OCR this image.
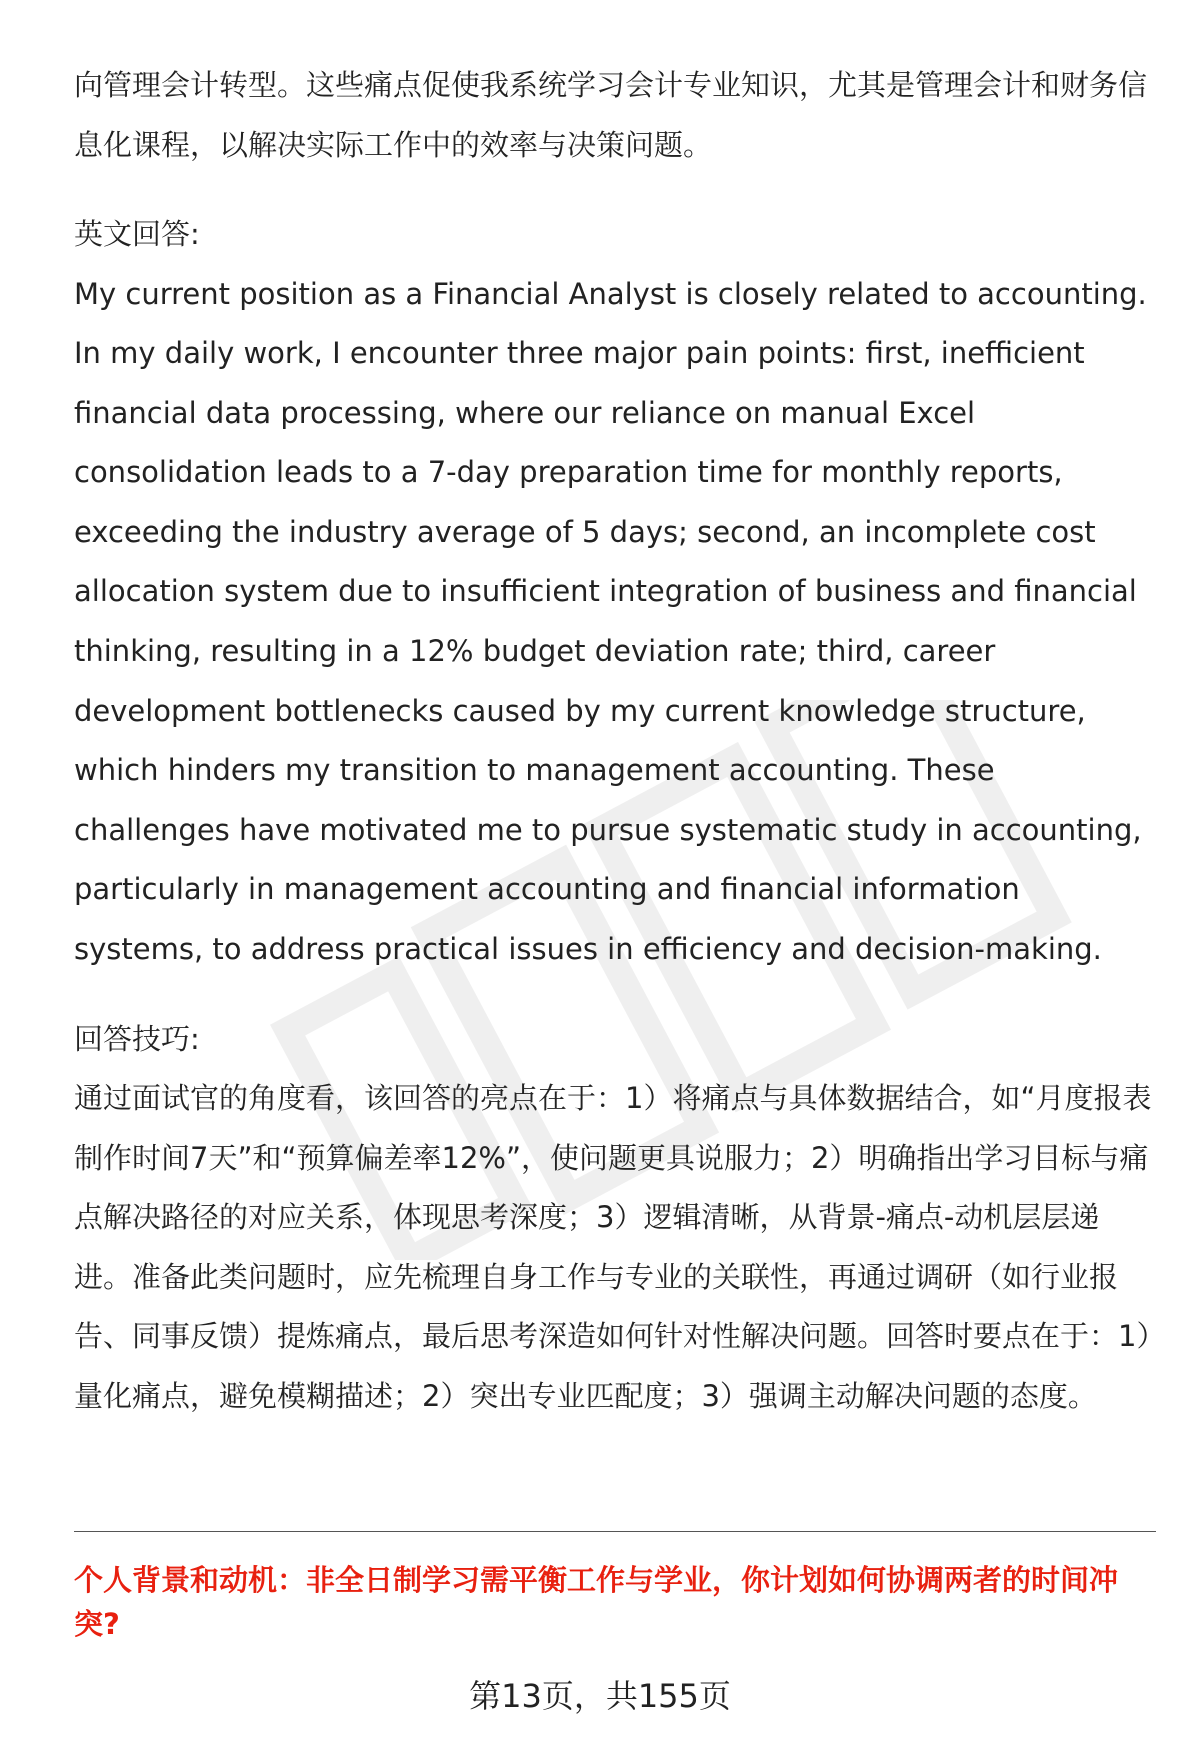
向管理会计转型。这些痛点促使我系统学习会计专业知识，尤其是管理会计和财务信息化课程，以解决实际工作中的效率与决策问题。

英文回答:

My current position as a Financial Analyst is closely related to accounting. In my daily work, I encounter three major pain points: first, inefficient financial data processing, where our reliance on manual Excel consolidation leads to a 7-day preparation time for monthly reports, exceeding the industry average of 5 days; second, an incomplete cost allocation system due to insufficient integration of business and financial thinking, resulting in a 12% budget deviation rate; third, career development bottlenecks caused by my current knowledge structure, which hinders my transition to management accounting. These challenges have motivated me to pursue systematic study in accounting, particularly in management accounting and financial information systems, to address practical issues in efficiency and decision-making.

回答技巧:

通过面试官的角度看，该回答的亮点在于：1）将痛点与具体数据结合，如“月度报表制作时间7天”和“预算偏差率12%”，使问题更具说服力；2）明确指出学习目标与痛点解决路径的对应关系，体现思考深度；3）逻辑清晰，从背景-痛点-动机层层递进。准备此类问题时，应先梳理自身工作与专业的关联性，再通过调研（如行业报告、同事反馈）提炼痛点，最后思考深造如何针对性解决问题。回答时要点在于：1）量化痛点，避免模糊描述；2）突出专业匹配度；3）强调主动解决问题的态度。

个人背景和动机：非全日制学习需平衡工作与学业，你计划如何协调两者的时间冲突?

第13页，共155页
